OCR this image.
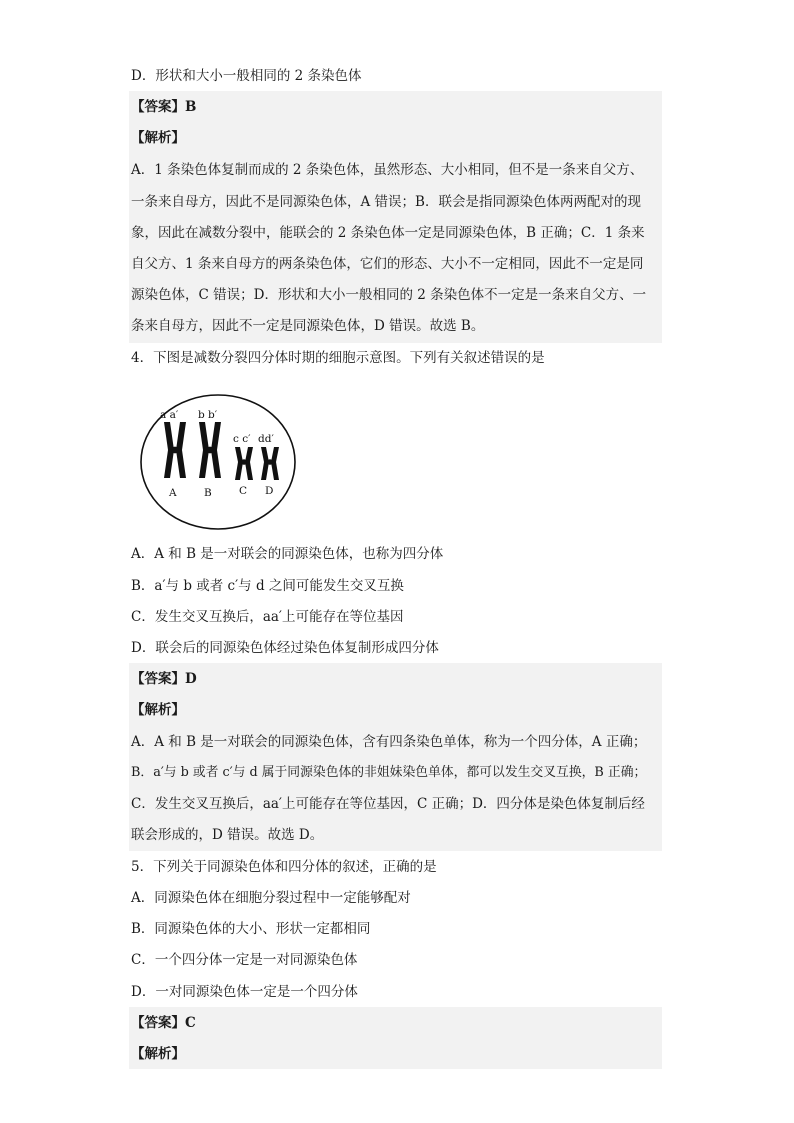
D．形状和大小一般相同的 2 条染色体
【答案】B
【解析】
A．1 条染色体复制而成的 2 条染色体，虽然形态、大小相同，但不是一条来自父方、
一条来自母方，因此不是同源染色体，A 错误；B．联会是指同源染色体两两配对的现
象，因此在减数分裂中，能联会的 2 条染色体一定是同源染色体，B 正确；C．1 条来
自父方、1 条来自母方的两条染色体，它们的形态、大小不一定相同，因此不一定是同
源染色体，C 错误；D．形状和大小一般相同的 2 条染色体不一定是一条来自父方、一
条来自母方，因此不一定是同源染色体，D 错误。故选 B。
4．下图是减数分裂四分体时期的细胞示意图。下列有关叙述错误的是
a a′ b b′
c c′ dd′
A	B	C D
A．A 和 B 是一对联会的同源染色体，也称为四分体
B．a′与 b 或者 c′与 d 之间可能发生交叉互换
C．发生交叉互换后，aa′上可能存在等位基因
D．联会后的同源染色体经过染色体复制形成四分体
【答案】D
【解析】
A．A 和 B 是一对联会的同源染色体，含有四条染色单体，称为一个四分体，A 正确；
B．a′与 b 或者 c′与 d 属于同源染色体的非姐妹染色单体，都可以发生交叉互换，B 正确；
C．发生交叉互换后，aa′上可能存在等位基因，C 正确；D．四分体是染色体复制后经
联会形成的，D 错误。故选 D。
5．下列关于同源染色体和四分体的叙述，正确的是
A．同源染色体在细胞分裂过程中一定能够配对
B．同源染色体的大小、形状一定都相同
C．一个四分体一定是一对同源染色体
D．一对同源染色体一定是一个四分体
【答案】C
【解析】
